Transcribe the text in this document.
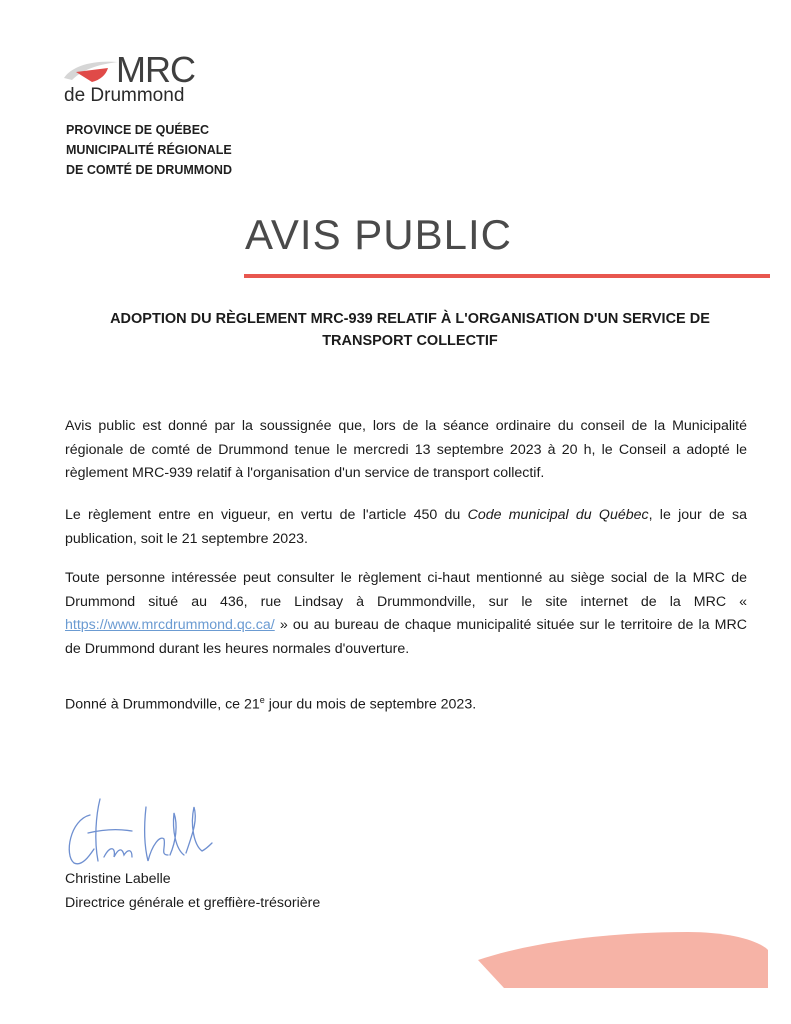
MRC
de Drummond
PROVINCE DE QUÉBEC
MUNICIPALITÉ RÉGIONALE
DE COMTÉ DE DRUMMOND
AVIS PUBLIC
ADOPTION DU RÈGLEMENT MRC-939 RELATIF À L'ORGANISATION D'UN SERVICE DE
TRANSPORT COLLECTIF
Avis public est donné par la soussignée que, lors de la séance ordinaire du conseil de la Municipalité régionale de comté de Drummond tenue le mercredi 13 septembre 2023 à 20 h, le Conseil a adopté le règlement MRC-939 relatif à l'organisation d'un service de transport collectif.
Le règlement entre en vigueur, en vertu de l'article 450 du Code municipal du Québec, le jour de sa publication, soit le 21 septembre 2023.
Toute personne intéressée peut consulter le règlement ci-haut mentionné au siège social de la MRC de Drummond situé au 436, rue Lindsay à Drummondville, sur le site internet de la MRC « https://www.mrcdrummond.qc.ca/ » ou au bureau de chaque municipalité située sur le territoire de la MRC de Drummond durant les heures normales d'ouverture.
Donné à Drummondville, ce 21e jour du mois de septembre 2023.
Christine Labelle
Directrice générale et greffière-trésorière
